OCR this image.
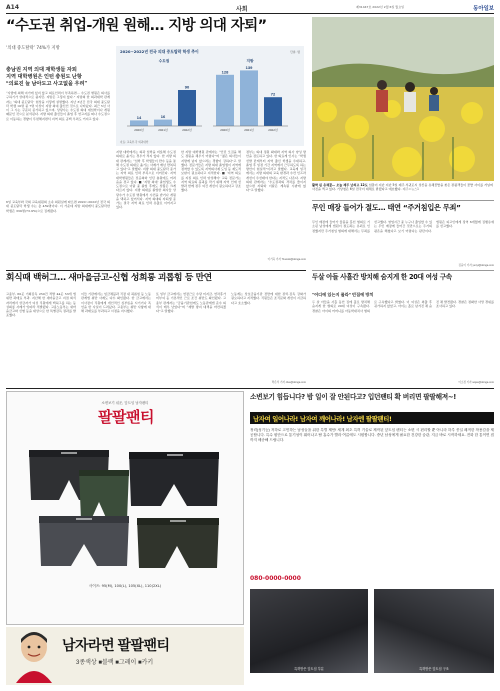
A14	사회	제31447호 2022년 2월 6일 월요일	동아일보
“수도권 취업-개원 원해… 지방 의대 자퇴”
‘의대 중도탈락’ 74%가 지방
충남권 지역 의대 재학생들 자퇴
지역 대학병원은 인턴 충원도 난항
“의료진 늘 남아도고 사고없을 우려”
2020∼2022년 전국 의대 중도탈락 학생 추이	단위: 명
수도권
14
2020년
16
2021년
90
2022년
지방
128
2020년
139
2021년
72
2022년
자료: 교육부·각 의과대학
“사람에 의해 여기에 있지 않고 의료인력이 부족하면… 수도권 병원은 의사를 구하기가 상대적으로 쉽지만, 지방은 그렇지 않다.” 지방의 한 의과대학 관계자는 ‘의대 중도탈락’ 현상을 이렇게 설명했다. 지난 3년간 전국 의대 중도탈락 학생 10명 중 7명 이상이 지방 의대 출신인 것으로 나타났다. 최근 5년 사이 그 수는 꾸준히 증가하고 있으며, 상당수는 수도권 의대 재입학이나 개원 때문인 것으로 분석된다. 지방 의대 출신들이 졸업 후 연고지를 떠나 수도권으로 이동하는 경향이 뚜렷해지면서 지역 의료 공백 우려도 커지고 있다.
6일 교육부와 국회 교육위원회 소속 의원실에 따르면 2020∼2022년 전국 의대 중도탈락 학생 수는 총 459명이다. 이 가운데 지방 의대에서 중도탈락한 학생은 339명(73.9%)으로 집계됐다.
지방 대학에서는 의과 입학을 비롯해 수도권 의대로 옮기는 경우가 적지 않다. 한 지방 의대 관계자는 “입학 후 학생들이 반수 등을 통해 수도권 의대로 옮기는 사례가 매년 반복되고 있다”고 말했다. 지방 의대 중도탈락 증가는 지역 의료 인력 부족으로 이어진다. 지역 대학병원들은 전공의와 인턴 충원에도 어려움을 겪고 있다. ■ ‘지방 의대’ 졸업생도 수도권으로 이탈 중 졸업 후에도 상황은 크게 다르지 않다. 지방 의대를 졸업한 의사들 상당수가 수도권 병원에서 수련을 받거나 개원을 택하고 있어서다. 지역 의대의 자퇴생 증가는 결국 지역 의료 인력 유출로 이어지고 있다.
한 지방 대학병원 관계자는 “인턴 모집을 해도 정원을 채우기 어렵다”며 “젊은 의사들이 지방에 남지 않으려는 경향이 강하다”고 말했다. 전문가들은 지방 의대 졸업생이 지역에 정착할 수 있도록 지역의사제 도입 등 제도적 보완이 필요하다고 지적한다. ■ ‘지역 의료를 지킬 의료 인력 양성해야’ 교육 전문가는 지역 의료의 붕괴를 막기 위해 지역 인재 선발과 함께 정주 여건 개선이 필요하다고 강조했다.
정부는 의대 정원 확대와 지역 의사 양성 방안을 검토하고 있다. 한 의료계 인사는 “학생 선발 단계부터 지역 출신 학생을 우대하고, 졸업 후 일정 기간 지역에서 근무하도록 하는 방안이 현실적”이라고 말했다. 교육계 일각에서는 지방 의대의 교육 환경과 수련 인프라 개선이 우선돼야 한다는 지적도 나온다. 지방 의대 관계자는 “수도권과의 격차를 줄이지 않으면 자퇴와 이탈은 계속될 수밖에 없다”고 말했다.
이기욱 기자 71wook@donga.com
활짝 핀 유채꽃… 오늘 제주 낮최고 12도 입춘이 지난 지난 5일 제주 서귀포시 성산읍 유채꽃밭을 찾은 관광객들이 꽃밭 사이를 거닐며 사진을 찍고 있다. 기상청은 6일 전국이 대체로 맑겠다고 예보했다. 제주=뉴스1
무인 매장 들어가 절도… 태연 “주거침입은 무죄”
무인 매장에 들어가 물품을 훔친 혐의로 기소된 남성에게 법원이 절도죄는 유죄로 인정했지만 주거침입 혐의에 대해서는 무죄를 선고했다. 영업시간 중 누구나 출입할 수 있는 무인 매장에 들어간 것만으로는 주거의 평온을 해쳤다고 보기 어렵다는 판단이다. 법원은 피고인에게 징역 6개월에 집행유예를 선고했다.
김윤이 기자 yunyi@donga.com
회식때 백허그… 새마을금고-신협 성희롱 괴롭힘 등 만연
고용부, 60곳 기획감독 250건 적발 44곳 53개 법 위반 과태료 부과. 지난해 한 새마을금고 지점 회식 자리에서 상급자가 여성 직원에게 백허그를 하는 등 성희롱 사례가 잇따라 적발됐다. 고용노동부는 새마을금고와 신협 등을 대상으로 한 특별감독 결과를 발표했다.
이들 기관에서는 임금체불과 직장 내 괴롭힘 등 노동관계법 위반 사례도 다수 확인됐다. 한 금고에서는 이사장이 직원에게 개인적인 심부름을 시키거나 폭언을 한 사실이 드러났다. 고용부는 위반 사항에 대해 과태료를 부과하고 시정을 지시했다.
또 일부 금고에서는 연장근로 수당 미지급, 연차휴가 미부여 등 기본적인 근로 조건 위반도 확인됐다. 고용부 관계자는 “금융기관임에도 노동관계법 준수 의식이 매우 낮았다”며 “재발 방지 대책을 마련하겠다”고 말했다.
노동계는 상호금융기관 전반에 대한 관리·감독 강화가 필요하다고 지적했다. 직원들은 조직문화 개선이 시급하다고 호소했다.
박은서 기자 clue@donga.com
두살 아들 사흘간 방치해 숨지게 한 20대 여성 구속
“어디에 있는지 몰라” 빈집에 방치
두 살 아들을 사흘 동안 집에 홀로 방치해 숨지게 한 혐의로 20대 여성이 구속됐다. 경찰은 아이의 어머니를 아동학대치사 혐의로 구속했다고 밝혔다. 이 여성은 외출 후 귀가하지 않았고, 아이는 홀로 남겨진 채 숨진 채 발견됐다. 경찰은 정확한 사망 경위를 조사하고 있다.
이소정 기자 sojee@donga.com
소변보기 쉬운, 앞트임 남자팬티
팔팔팬티
사이즈: 95(M), 100(L), 105(XL), 110(2XL)
남자라면 팔팔팬티
3종색상 ■블랙 ■그레이 ■카키
소변보기 힘듭니다? 밤 일이 잘 안된다고? 입던팬티 확 버리면 팔팔해져~!
남자여 일어나라! 남자여 깨어나라! 남자엔 팔팔팬티!
정력(성기능) 저하로 고민하는 남성들을 위한 특별 제안! 세계 최초 특허 기술로 제작된 앞트임 팬티는 소변 시 편리할 뿐 아니라 하루 종일 쾌적한 착용감을 제공합니다. 특수 원단으로 통기성이 뛰어나고 땀 흡수가 빨라 여름에도 시원합니다. 중년 남성에게 필요한 건강한 습관, 지금 바로 시작하세요. 전화 한 통이면 집까지 배송해 드립니다.
080-0000-0000
특허받은 앞트임 부분	특허받은 앞트임 구조
